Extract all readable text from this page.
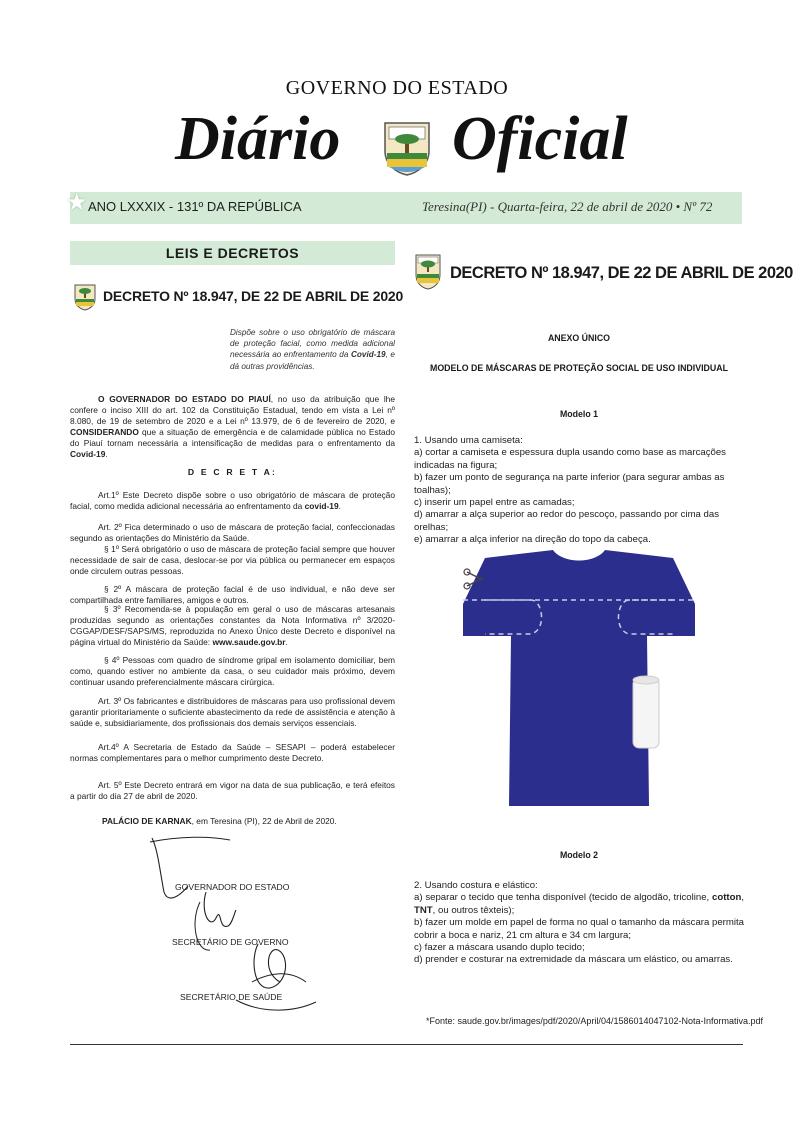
GOVERNO DO ESTADO
Diário Oficial
★ ANO LXXXIX - 131º DA REPÚBLICA	Teresina(PI) - Quarta-feira, 22 de abril de 2020 • Nº 72
LEIS E DECRETOS
DECRETO Nº 18.947, DE 22 DE ABRIL DE 2020
Dispõe sobre o uso obrigatório de máscara de proteção facial, como medida adicional necessária ao enfrentamento da Covid-19, e dá outras providências.

O GOVERNADOR DO ESTADO DO PIAUÍ, no uso da atribuição que lhe confere o inciso XIII do art. 102 da Constituição Estadual, tendo em vista a Lei nº 8.080, de 19 de setembro de 2020 e a Lei nº 13.979, de 6 de fevereiro de 2020, e CONSIDERANDO que a situação de emergência e de calamidade pública no Estado do Piauí tornam necessária a intensificação de medidas para o enfrentamento da Covid-19.

D E C R E T A:

Art.1º Este Decreto dispõe sobre o uso obrigatório de máscara de proteção facial, como medida adicional necessária ao enfrentamento da covid-19.

Art. 2º Fica determinado o uso de máscara de proteção facial, confeccionadas segundo as orientações do Ministério da Saúde.

§ 1º Será obrigatório o uso de máscara de proteção facial sempre que houver necessidade de sair de casa, deslocar-se por via pública ou permanecer em espaços onde circulem outras pessoas.

§ 2º A máscara de proteção facial é de uso individual, e não deve ser compartilhada entre familiares, amigos e outros.

§ 3º Recomenda-se à população em geral o uso de máscaras artesanais produzidas segundo as orientações constantes da Nota Informativa nº 3/2020-CGGAP/DESF/SAPS/MS, reproduzida no Anexo Único deste Decreto e disponível na página virtual do Ministério da Saúde: www.saude.gov.br.

§ 4º Pessoas com quadro de síndrome gripal em isolamento domiciliar, bem como, quando estiver no ambiente da casa, o seu cuidador mais próximo, devem continuar usando preferencialmente máscara cirúrgica.

Art. 3º Os fabricantes e distribuidores de máscaras para uso profissional devem garantir prioritariamente o suficiente abastecimento da rede de assistência e atenção à saúde e, subsidiariamente, dos profissionais dos demais serviços essenciais.

Art.4º A Secretaria de Estado da Saúde – SESAPI – poderá estabelecer normas complementares para o melhor cumprimento deste Decreto.

Art. 5º Este Decreto entrará em vigor na data de sua publicação, e terá efeitos a partir do dia 27 de abril de 2020.

PALÁCIO DE KARNAK, em Teresina (PI), 22 de Abril de 2020.
GOVERNADOR DO ESTADO
SECRETÁRIO DE GOVERNO
SECRETÁRIO DE SAÚDE
DECRETO Nº 18.947, DE 22 DE ABRIL DE 2020
ANEXO ÚNICO
MODELO DE MÁSCARAS DE PROTEÇÃO SOCIAL DE USO INDIVIDUAL
Modelo 1

1. Usando uma camiseta:

a) cortar a camiseta e espessura dupla usando como base as marcações indicadas na figura;

b) fazer um ponto de segurança na parte inferior (para segurar ambas as toalhas);

c) inserir um papel entre as camadas;

d) amarrar a alça superior ao redor do pescoço, passando por cima das orelhas;

e) amarrar a alça inferior na direção do topo da cabeça.

Modelo 2

2. Usando costura e elástico:

a) separar o tecido que tenha disponível (tecido de algodão, tricoline, cotton, TNT, ou outros têxteis);

b) fazer um molde em papel de forma no qual o tamanho da máscara permita cobrir a boca e nariz, 21 cm altura e 34 cm largura;

c) fazer a máscara usando duplo tecido;

d) prender e costurar na extremidade da máscara um elástico, ou amarras.

*Fonte: saude.gov.br/images/pdf/2020/April/04/1586014047102-Nota-Informativa.pdf
